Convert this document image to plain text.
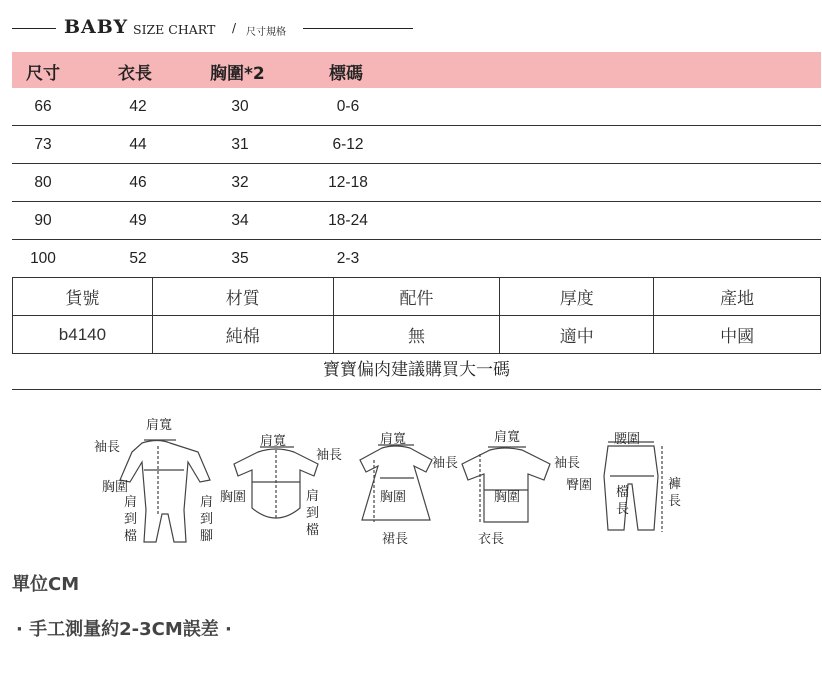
BABY SIZE CHART / 尺寸規格
尺寸	衣長	胸圍*2	標碼
66	42	30	0-6
73	44	31	6-12
80	46	32	12-18
90	49	34	18-24
100	52	35	2-3
貨號	材質	配件	厚度	產地
b4140	純棉	無	適中	中國
寶寶偏肉建議購買大一碼
肩寬
袖長
胸圍
肩到檔
肩到腳
肩寬
袖長
胸圍	肩到檔
肩寬
袖長
胸圍
裙長
肩寬
袖長
胸圍
衣長
腰圍
臀圍 檔長
褲長
單位CM
· 手工測量約2-3CM誤差 ·
